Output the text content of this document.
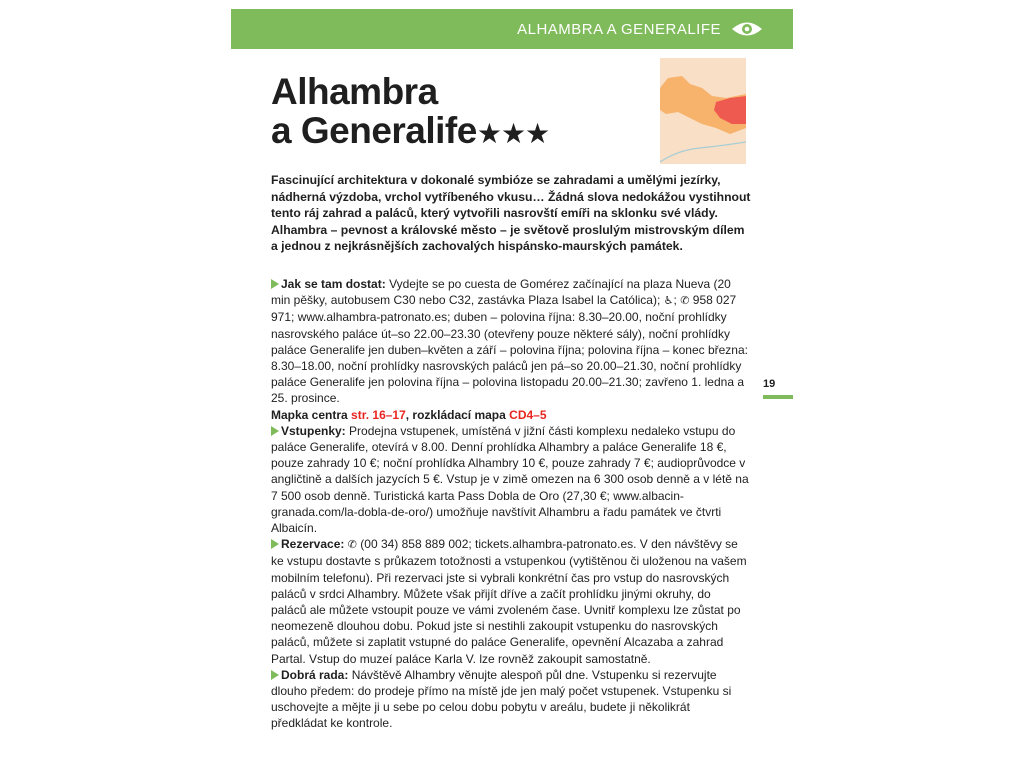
ALHAMBRA A GENERALIFE
Alhambra
a Generalife★★★
Fascinující architektura v dokonalé symbióze se zahradami a umělými jezírky, nádherná výzdoba, vrchol vytříbeného vkusu… Žádná slova nedokážou vystihnout tento ráj zahrad a paláců, který vytvořili nasrovští emíři na sklonku své vlády. Alhambra – pevnost a královské město – je světově proslulým mistrovským dílem a jednou z nejkrásnějších zachovalých hispánsko-maurských památek.

Jak se tam dostat: Vydejte se po cuesta de Gomérez začínající na plaza Nueva (20 min pěšky, autobusem C30 nebo C32, zastávka Plaza Isabel la Católica); ♿; ✆ 958 027 971; www.alhambra-patronato.es; duben – polovina října: 8.30–20.00, noční prohlídky nasrovského paláce út–so 22.00–23.30 (otevřeny pouze některé sály), noční prohlídky paláce Generalife jen duben–květen a září – polovina října; polovina října – konec března: 8.30–18.00, noční prohlídky nasrovských paláců jen pá–so 20.00–21.30, noční prohlídky paláce Generalife jen polovina října – polovina listopadu 20.00–21.30; zavřeno 1. ledna a 25. prosince.

Mapka centra str. 16–17, rozkládací mapa CD4–5

Vstupenky: Prodejna vstupenek, umístěná v jižní části komplexu nedaleko vstupu do paláce Generalife, otevírá v 8.00. Denní prohlídka Alhambry a paláce Generalife 18 €, pouze zahrady 10 €; noční prohlídka Alhambry 10 €, pouze zahrady 7 €; audioprůvodce v angličtině a dalších jazycích 5 €. Vstup je v zimě omezen na 6 300 osob denně a v létě na 7 500 osob denně. Turistická karta Pass Dobla de Oro (27,30 €; www.albacin-granada.com/la-dobla-de-oro/) umožňuje navštívit Alhambru a řadu památek ve čtvrti Albaicín.

Rezervace: ✆ (00 34) 858 889 002; tickets.alhambra-patronato.es. V den návštěvy se ke vstupu dostavte s průkazem totožnosti a vstupenkou (vytištěnou či uloženou na vašem mobilním telefonu). Při rezervaci jste si vybrali konkrétní čas pro vstup do nasrovských paláců v srdci Alhambry. Můžete však přijít dříve a začít prohlídku jinými okruhy, do paláců ale můžete vstoupit pouze ve vámi zvoleném čase. Uvnitř komplexu lze zůstat po neomezeně dlouhou dobu. Pokud jste si nestihli zakoupit vstupenku do nasrovských paláců, můžete si zaplatit vstupné do paláce Generalife, opevnění Alcazaba a zahrad Partal. Vstup do muzeí paláce Karla V. lze rovněž zakoupit samostatně.

Dobrá rada: Návštěvě Alhambry věnujte alespoň půl dne. Vstupenku si rezervujte dlouho předem: do prodeje přímo na místě jde jen malý počet vstupenek. Vstupenku si uschovejte a mějte ji u sebe po celou dobu pobytu v areálu, budete ji několikrát předkládat ke kontrole.

19
